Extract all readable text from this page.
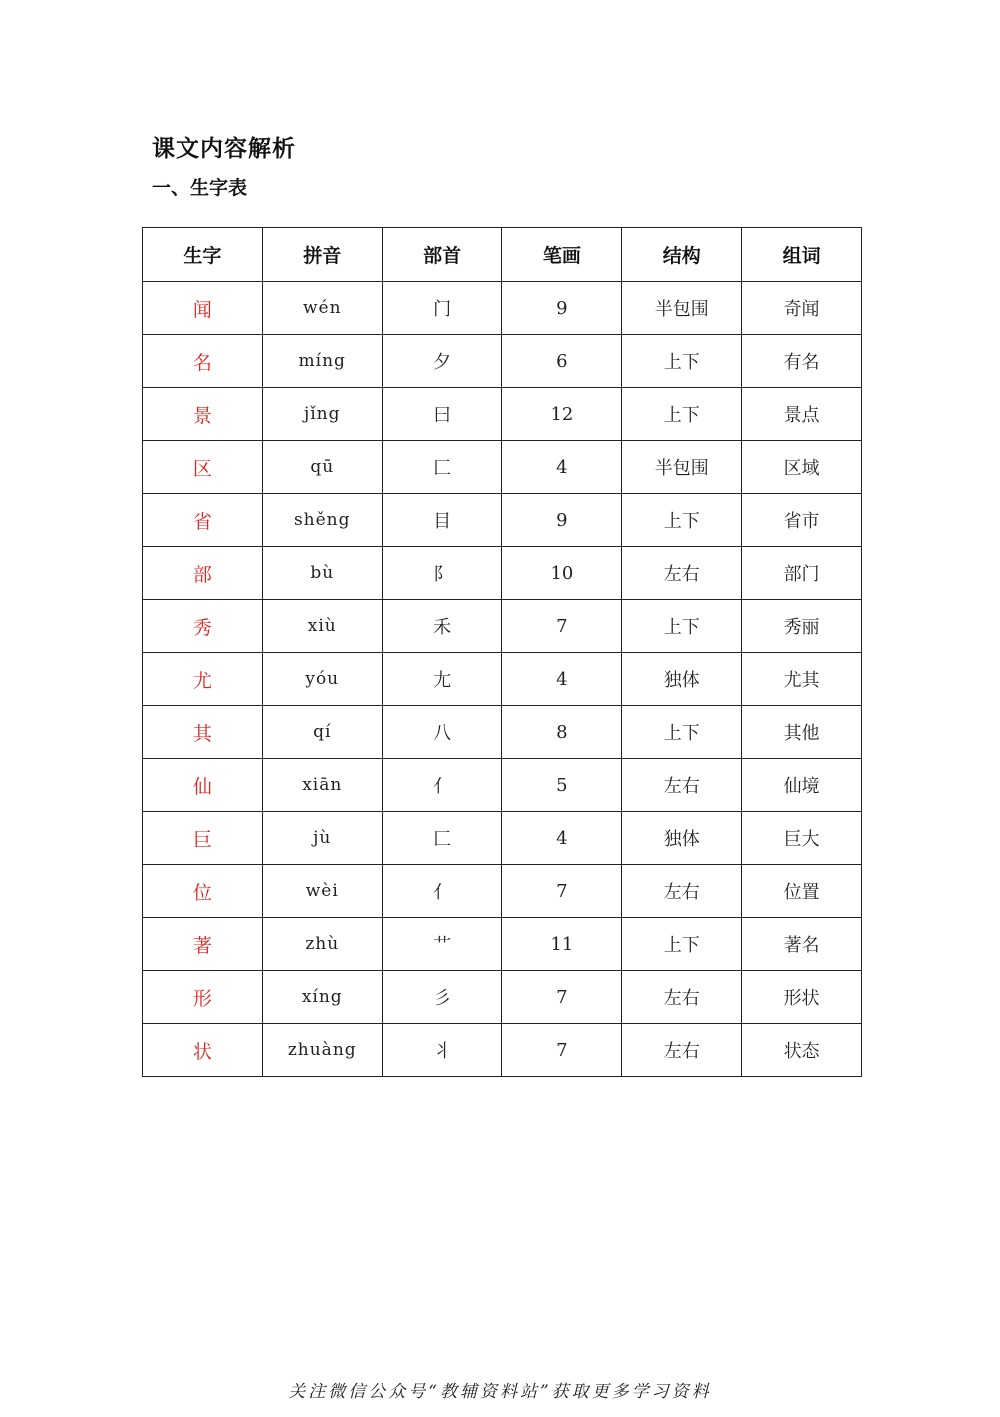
课文内容解析
一、生字表
生字	拼音	部首	笔画	结构	组词
闻	wén	门	9	半包围	奇闻
名	míng	夕	6	上下	有名
景	jǐng	曰	12	上下	景点
区	qū	匚	4	半包围	区域
省	shěng	目	9	上下	省市
部	bù	阝	10	左右	部门
秀	xiù	禾	7	上下	秀丽
尤	yóu	尢	4	独体	尤其
其	qí	八	8	上下	其他
仙	xiān	亻	5	左右	仙境
巨	jù	匚	4	独体	巨大
位	wèi	亻	7	左右	位置
著	zhù	艹	11	上下	著名
形	xíng	彡	7	左右	形状
状	zhuàng	丬	7	左右	状态

关注微信公众号“教辅资料站”获取更多学习资料
